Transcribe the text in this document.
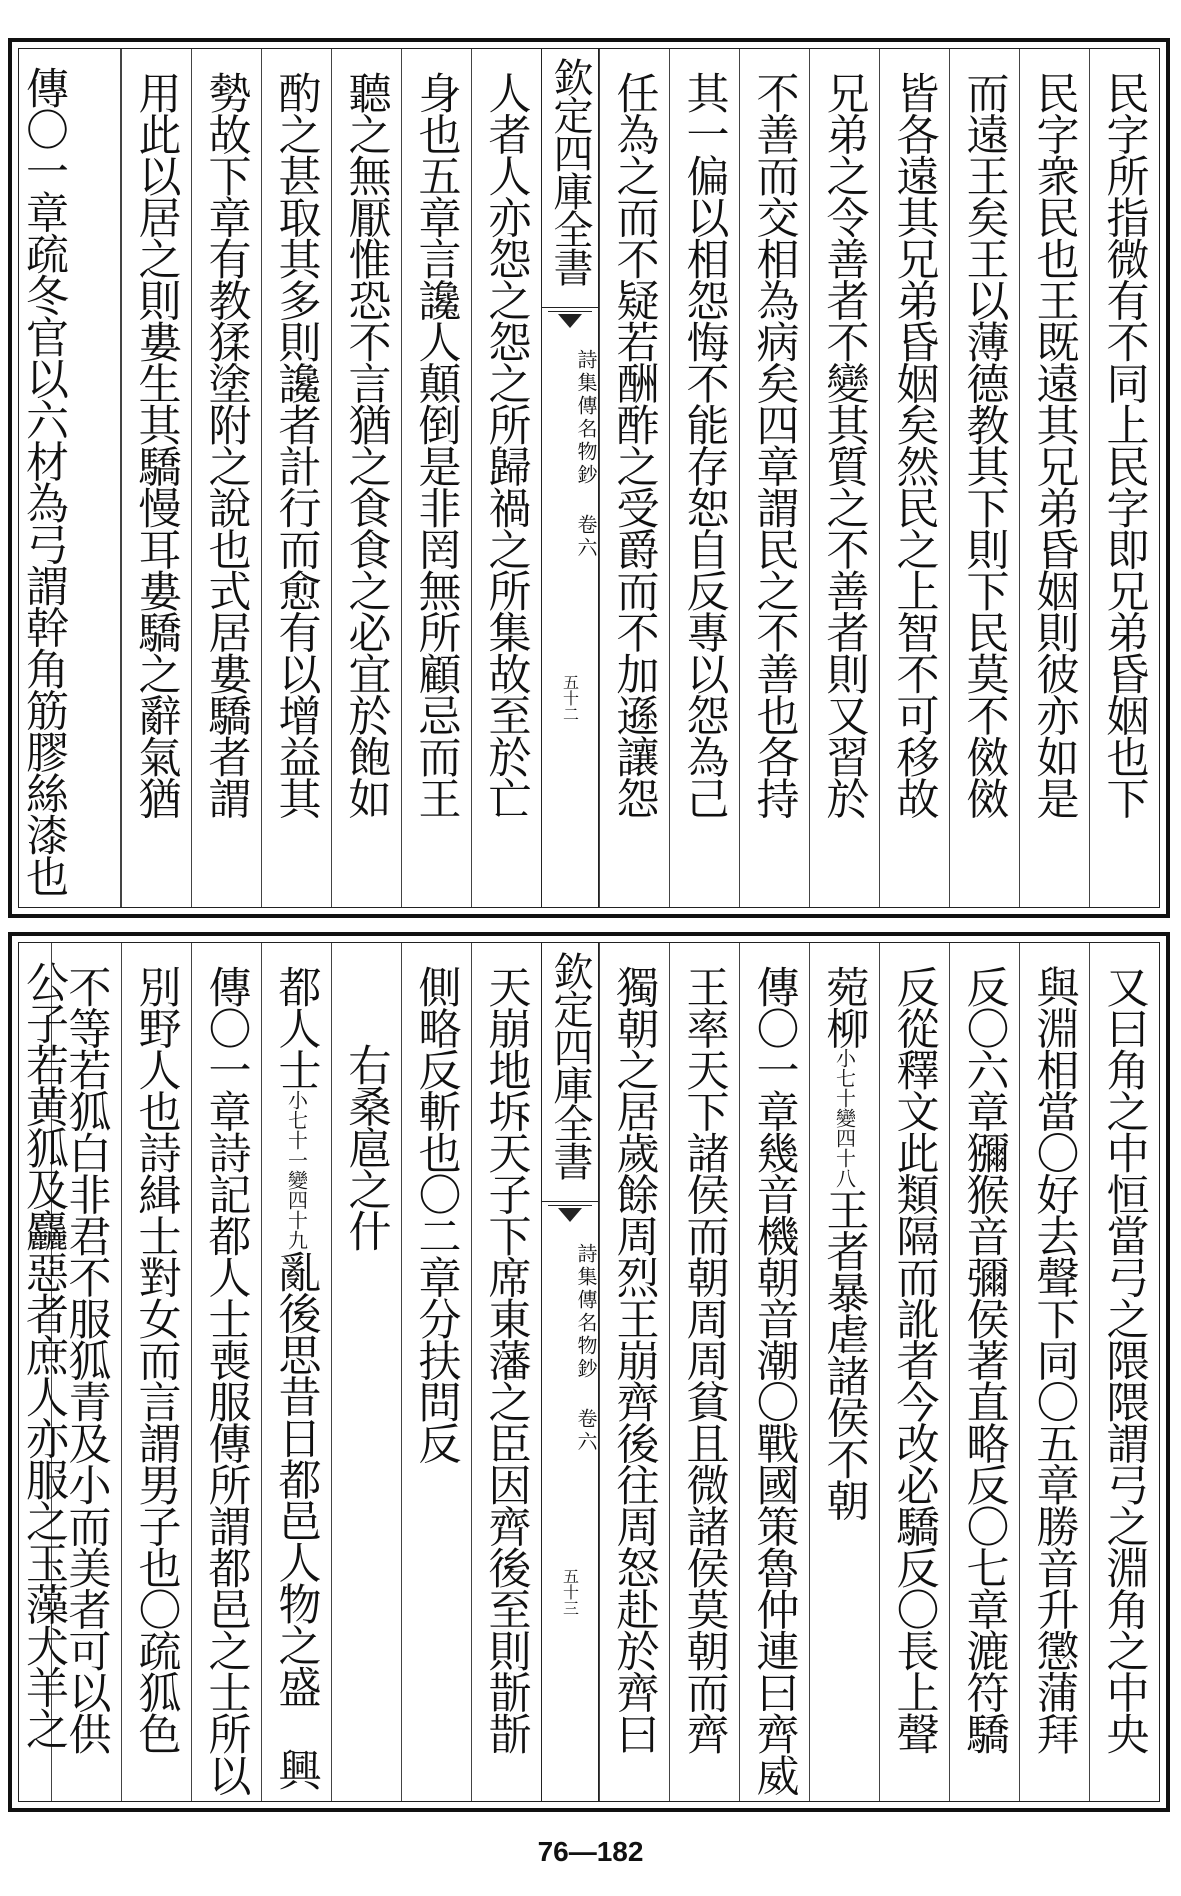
民字所指微有不同上民字即兄弟昏姻也下
民字衆民也王既遠其兄弟昏姻則彼亦如是
而遠王矣王以薄德教其下則下民莫不傚傚
皆各遠其兄弟昏姻矣然民之上智不可移故
兄弟之令善者不變其質之不善者則又習於
不善而交相為病矣四章謂民之不善也各持
其一偏以相怨悔不能存恕自反專以怨為己
任為之而不疑若酬酢之受爵而不加遜讓怨
欽定四庫全書
詩集傳名物鈔 卷六
五十二
人者人亦怨之怨之所歸禍之所集故至於亡
身也五章言讒人顛倒是非罔無所顧忌而王
聽之無厭惟恐不言猶之食食之必宜於飽如
酌之甚取其多則讒者計行而愈有以增益其
勢故下章有教猱塗附之說也式居婁驕者謂
用此以居之則婁生其驕慢耳婁驕之辭氣猶
又曰角之中恒當弓之隈隈謂弓之淵角之中央
與淵相當〇好去聲下同〇五章勝音升懲蒲拜
反〇六章獼猴音彌侯著直略反〇七章漉符驕
反從釋文此類隔而訛者今改必驕反〇長上聲
菀柳
小七十變四十八
王者暴虐諸侯不朝
傳〇一章幾音機朝音潮〇戰國策魯仲連曰齊威
王率天下諸侯而朝周周貧且微諸侯莫朝而齊
獨朝之居歲餘周烈王崩齊後往周怒赴於齊曰
欽定四庫全書
詩集傳名物鈔 卷六
五十三
天崩地坼天子下席東藩之臣因齊後至則斮斮
側略反斬也〇二章分扶問反
右桑扈之什
都人士
小七十一變四十九
亂後思昔日都邑人物之盛　興
傳〇一章詩記都人士喪服傳所謂都邑之士所以
別野人也詩緝士對女而言謂男子也〇疏狐色
不等若狐白非君不服狐青及小而美者可以供
傳〇一章疏冬官以六材為弓謂幹角筋膠絲漆也
公子若黄狐及麤惡者庶人亦服之玉藻犬羊之
76—182
